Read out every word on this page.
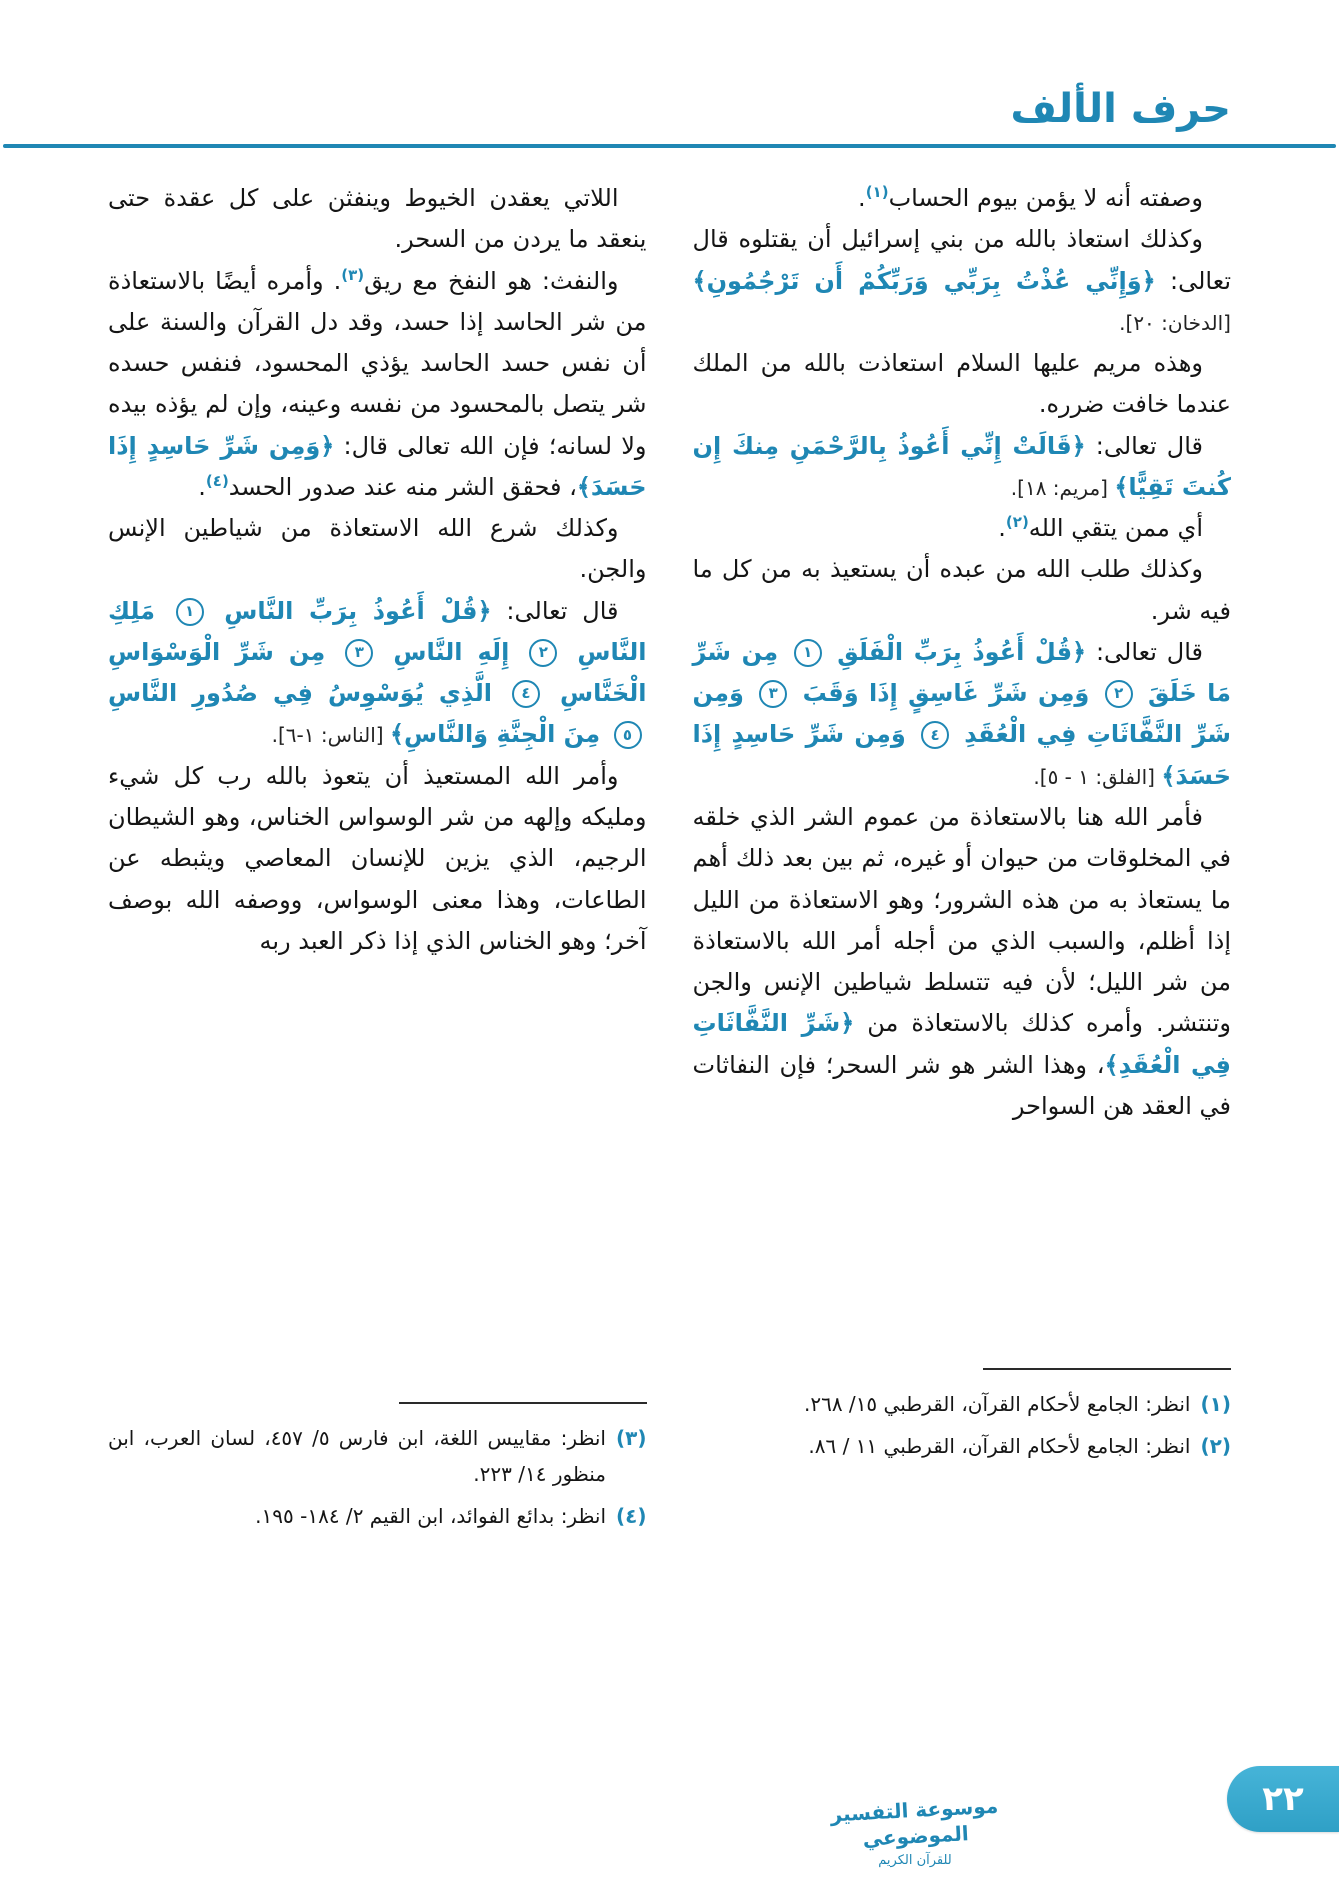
حرف الألف

وصفته أنه لا يؤمن بيوم الحساب$^{(١)}$.

وكذلك استعاذ بالله من بني إسرائيل أن يقتلوه قال تعالى: ﴿وَإِنِّي عُذْتُ بِرَبِّي وَرَبِّكُمْ أَن تَرْجُمُونِ﴾ [الدخان: ٢٠].

وهذه مريم عليها السلام استعاذت بالله من الملك عندما خافت ضرره.

قال تعالى: ﴿قَالَتْ إِنِّي أَعُوذُ بِالرَّحْمَنِ مِنكَ إِن كُنتَ تَقِيًّا﴾ [مريم: ١٨].

أي ممن يتقي الله$^{(٢)}$.

وكذلك طلب الله من عبده أن يستعيذ به من كل ما فيه شر.

قال تعالى: ﴿قُلْ أَعُوذُ بِرَبِّ الْفَلَقِ ١ مِن شَرِّ مَا خَلَقَ ٢ وَمِن شَرِّ غَاسِقٍ إِذَا وَقَبَ ٣ وَمِن شَرِّ النَّفَّاثَاتِ فِي الْعُقَدِ ٤ وَمِن شَرِّ حَاسِدٍ إِذَا حَسَدَ﴾ [الفلق: ١ - ٥].

فأمر الله هنا بالاستعاذة من عموم الشر الذي خلقه في المخلوقات من حيوان أو غيره، ثم بين بعد ذلك أهم ما يستعاذ به من هذه الشرور؛ وهو الاستعاذة من الليل إذا أظلم، والسبب الذي من أجله أمر الله بالاستعاذة من شر الليل؛ لأن فيه تتسلط شياطين الإنس والجن وتنتشر. وأمره كذلك بالاستعاذة من ﴿شَرِّ النَّفَّاثَاتِ فِي الْعُقَدِ﴾، وهذا الشر هو شر السحر؛ فإن النفاثات في العقد هن السواحر

(١)
انظر: الجامع لأحكام القرآن، القرطبي ١٥/ ٢٦٨.
(٢)
انظر: الجامع لأحكام القرآن، القرطبي ١١ / ٨٦.

اللاتي يعقدن الخيوط وينفثن على كل عقدة حتى ينعقد ما يردن من السحر.

والنفث: هو النفخ مع ريق$^{(٣)}$. وأمره أيضًا بالاستعاذة من شر الحاسد إذا حسد، وقد دل القرآن والسنة على أن نفس حسد الحاسد يؤذي المحسود، فنفس حسده شر يتصل بالمحسود من نفسه وعينه، وإن لم يؤذه بيده ولا لسانه؛ فإن الله تعالى قال: ﴿وَمِن شَرِّ حَاسِدٍ إِذَا حَسَدَ﴾، فحقق الشر منه عند صدور الحسد$^{(٤)}$.

وكذلك شرع الله الاستعاذة من شياطين الإنس والجن.

قال تعالى: ﴿قُلْ أَعُوذُ بِرَبِّ النَّاسِ ١ مَلِكِ النَّاسِ ٢ إِلَهِ النَّاسِ ٣ مِن شَرِّ الْوَسْوَاسِ الْخَنَّاسِ ٤ الَّذِي يُوَسْوِسُ فِي صُدُورِ النَّاسِ ٥ مِنَ الْجِنَّةِ وَالنَّاسِ﴾ [الناس: ١-٦].

وأمر الله المستعيذ أن يتعوذ بالله رب كل شيء ومليكه وإلهه من شر الوسواس الخناس، وهو الشيطان الرجيم، الذي يزين للإنسان المعاصي ويثبطه عن الطاعات، وهذا معنى الوسواس، ووصفه الله بوصف آخر؛ وهو الخناس الذي إذا ذكر العبد ربه

(٣)
انظر: مقاييس اللغة، ابن فارس ٥/ ٤٥٧، لسان العرب، ابن منظور ١٤/ ٢٢٣.
(٤)
انظر: بدائع الفوائد، ابن القيم ٢/ ١٨٤- ١٩٥.
موسوعة التفسير الموضوعي
للقرآن الكريم
٢٢
